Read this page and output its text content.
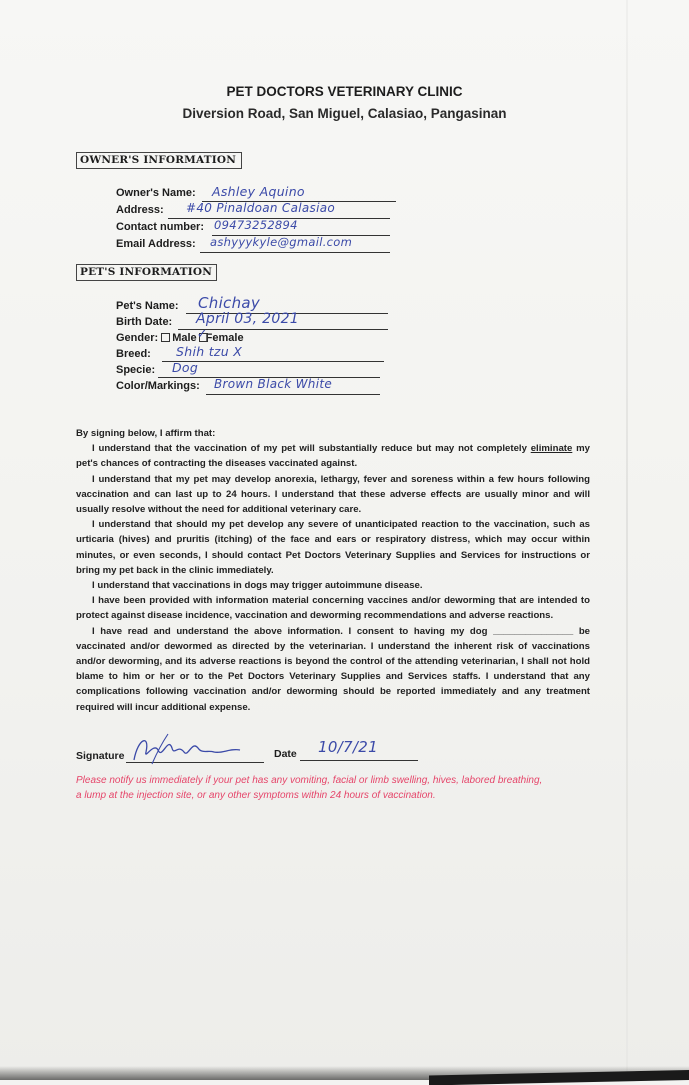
PET DOCTORS VETERINARY CLINIC
Diversion Road, San Miguel, Calasiao, Pangasinan
OWNER'S INFORMATION
Owner's Name: Ashley Aquino
Address: #40 Pinaldoan Calasiao
Contact number: 09473252894
Email Address: ashyyykyle@gmail.com
PET'S INFORMATION
Pet's Name: Chichay
Birth Date: April 03, 2021
Gender: Male ✓
Female
Breed: Shih tzu X
Specie: Dog
Color/Markings: Brown Black White

By signing below, I affirm that:

I understand that the vaccination of my pet will substantially reduce but may not completely eliminate my pet's chances of contracting the diseases vaccinated against.

I understand that my pet may develop anorexia, lethargy, fever and soreness within a few hours following vaccination and can last up to 24 hours. I understand that these adverse effects are usually minor and will usually resolve without the need for additional veterinary care.

I understand that should my pet develop any severe of unanticipated reaction to the vaccination, such as urticaria (hives) and pruritis (itching) of the face and ears or respiratory distress, which may occur within minutes, or even seconds, I should contact Pet Doctors Veterinary Supplies and Services for instructions or bring my pet back in the clinic immediately.

I understand that vaccinations in dogs may trigger autoimmune disease.

I have been provided with information material concerning vaccines and/or deworming that are intended to protect against disease incidence, vaccination and deworming recommendations and adverse reactions.

I have read and understand the above information. I consent to having my dog _______________ be vaccinated and/or dewormed as directed by the veterinarian. I understand the inherent risk of vaccinations and/or deworming, and its adverse reactions is beyond the control of the attending veterinarian, I shall not hold blame to him or her or to the Pet Doctors Veterinary Supplies and Services staffs. I understand that any complications following vaccination and/or deworming should be reported immediately and any treatment required will incur additional expense.

Signature	Date 10/7/21
Please notify us immediately if your pet has any vomiting, facial or limb swelling, hives, labored breathing, a lump at the injection site, or any other symptoms within 24 hours of vaccination.
